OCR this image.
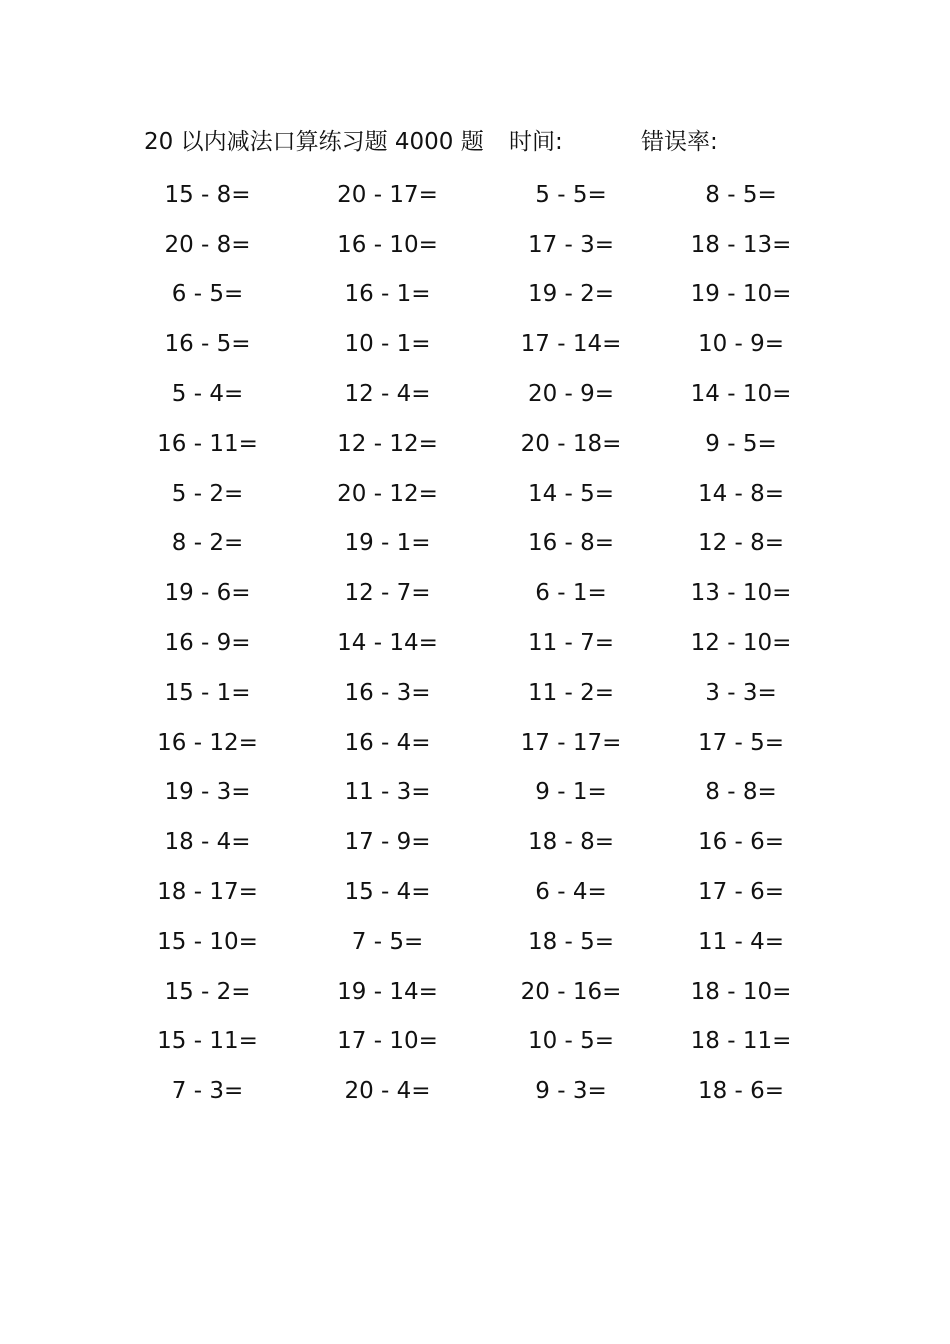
20 以内减法口算练习题 4000 题 时间:	错误率:
15 - 8=	20 - 17=	5 - 5=	8 - 5=
20 - 8=	16 - 10=	17 - 3=	18 - 13=
6 - 5=	16 - 1=	19 - 2=	19 - 10=
16 - 5=	10 - 1=	17 - 14=	10 - 9=
5 - 4=	12 - 4=	20 - 9=	14 - 10=
16 - 11=	12 - 12=	20 - 18=	9 - 5=
5 - 2=	20 - 12=	14 - 5=	14 - 8=
8 - 2=	19 - 1=	16 - 8=	12 - 8=
19 - 6=	12 - 7=	6 - 1=	13 - 10=
16 - 9=	14 - 14=	11 - 7=	12 - 10=
15 - 1=	16 - 3=	11 - 2=	3 - 3=
16 - 12=	16 - 4=	17 - 17=	17 - 5=
19 - 3=	11 - 3=	9 - 1=	8 - 8=
18 - 4=	17 - 9=	18 - 8=	16 - 6=
18 - 17=	15 - 4=	6 - 4=	17 - 6=
15 - 10=	7 - 5=	18 - 5=	11 - 4=
15 - 2=	19 - 14=	20 - 16=	18 - 10=
15 - 11=	17 - 10=	10 - 5=	18 - 11=
7 - 3=	20 - 4=	9 - 3=	18 - 6=
